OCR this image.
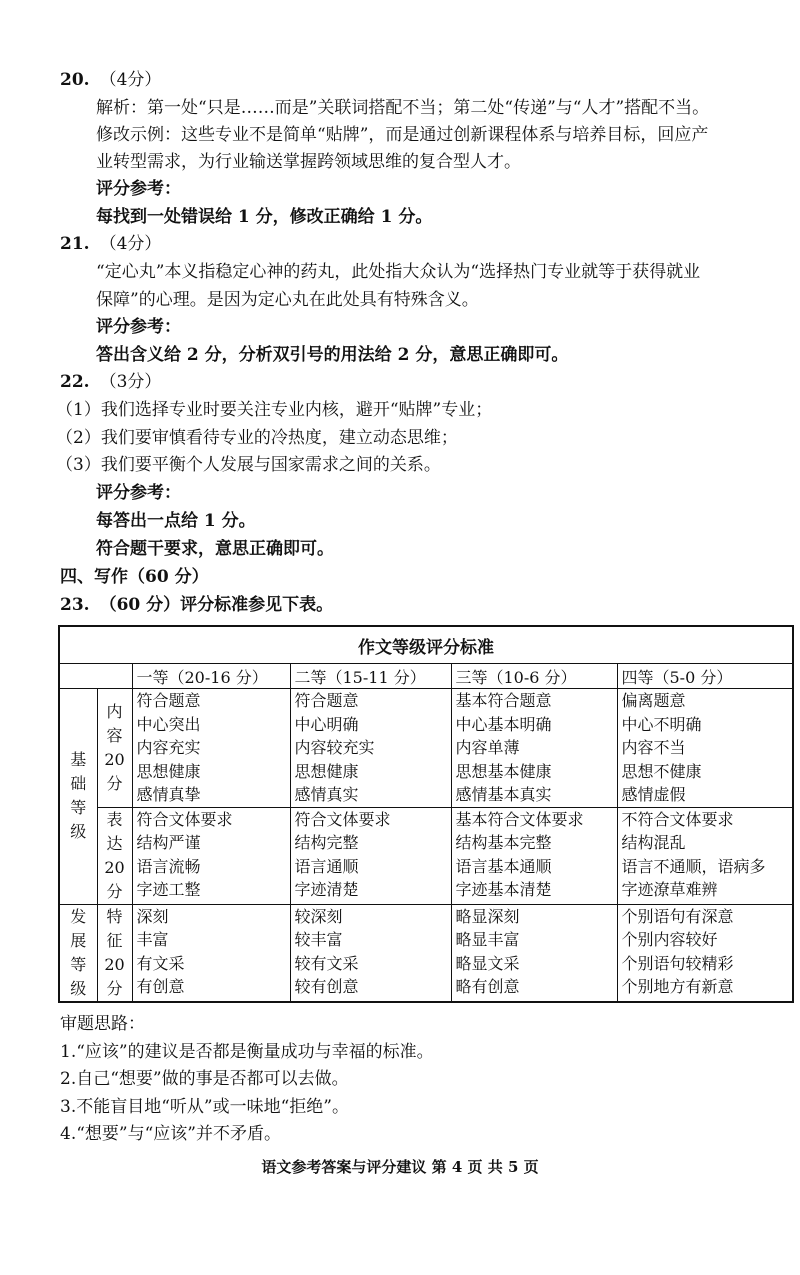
20. （4分）
解析：第一处“只是……而是”关联词搭配不当；第二处“传递”与“人才”搭配不当。
修改示例：这些专业不是简单“贴牌”，而是通过创新课程体系与培养目标，回应产
业转型需求，为行业输送掌握跨领域思维的复合型人才。
评分参考：
每找到一处错误给 1 分，修改正确给 1 分。
21. （4分）
“定心丸”本义指稳定心神的药丸，此处指大众认为“选择热门专业就等于获得就业
保障”的心理。是因为定心丸在此处具有特殊含义。
评分参考：
答出含义给 2 分，分析双引号的用法给 2 分，意思正确即可。
22. （3分）
（1）我们选择专业时要关注专业内核，避开“贴牌”专业；
（2）我们要审慎看待专业的冷热度，建立动态思维；
（3）我们要平衡个人发展与国家需求之间的关系。
评分参考：
每答出一点给 1 分。
符合题干要求，意思正确即可。
四、写作（60 分）
23. （60 分）评分标准参见下表。
作文等级评分标准					
		一等（20-16 分）	二等（15-11 分）	三等（10-6 分）	四等（5-0 分）

基
础
等
级	内
容
20
分	符合题意
中心突出
内容充实
思想健康
感情真挚	符合题意
中心明确
内容较充实
思想健康
感情真实	基本符合题意
中心基本明确
内容单薄
思想基本健康
感情基本真实	偏离题意
中心不明确
内容不当
思想不健康
感情虚假

	表
达
20
分	符合文体要求
结构严谨
语言流畅
字迹工整	符合文体要求
结构完整
语言通顺
字迹清楚	基本符合文体要求
结构基本完整
语言基本通顺
字迹基本清楚	不符合文体要求
结构混乱
语言不通顺，语病多
字迹潦草难辨

发
展
等
级	特
征
20
分	深刻
丰富
有文采
有创意	较深刻
较丰富
较有文采
较有创意	略显深刻
略显丰富
略显文采
略有创意	个别语句有深意
个别内容较好
个别语句较精彩
个别地方有新意
审题思路：
1.“应该”的建议是否都是衡量成功与幸福的标准。
2.自己“想要”做的事是否都可以去做。
3.不能盲目地“听从”或一味地“拒绝”。
4.“想要”与“应该”并不矛盾。
语文参考答案与评分建议 第 4 页 共 5 页
